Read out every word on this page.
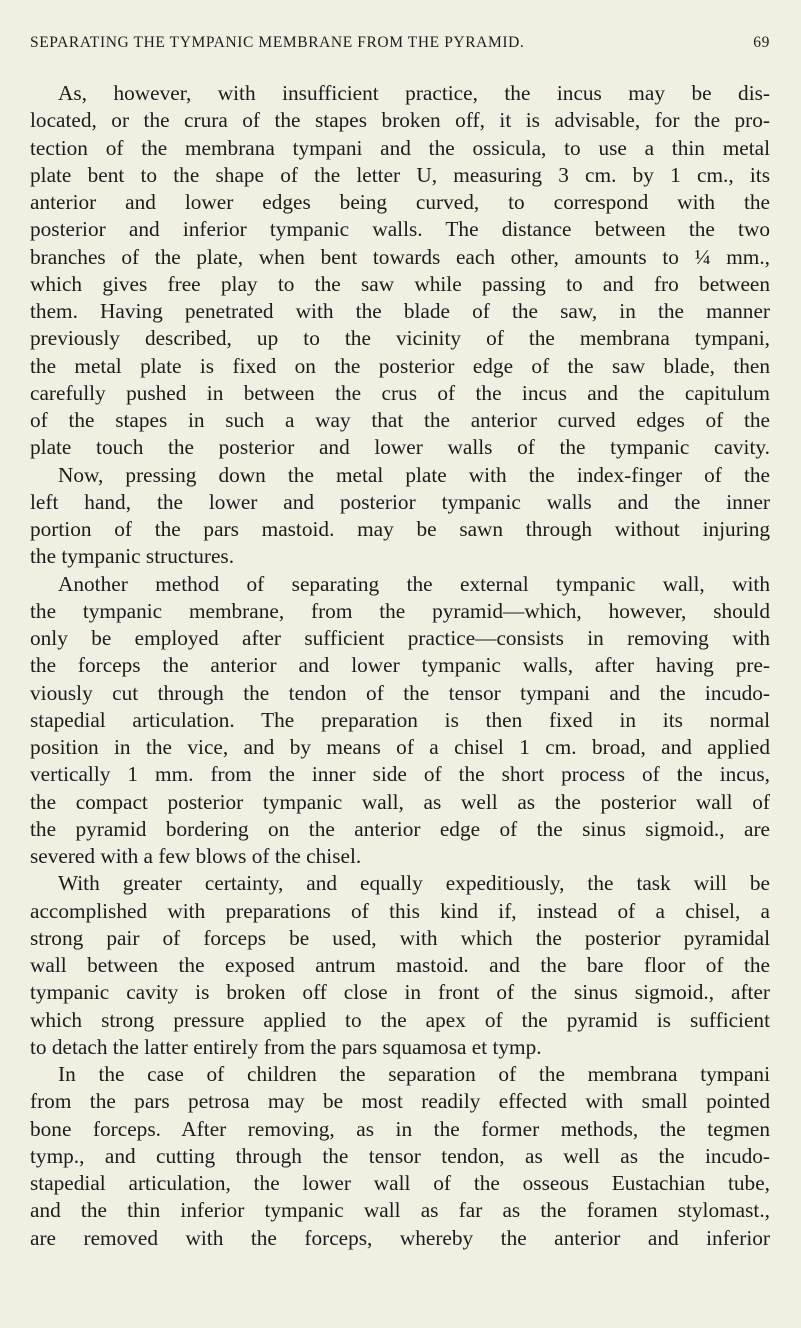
SEPARATING THE TYMPANIC MEMBRANE FROM THE PYRAMID.	69
As, however, with insufficient practice, the incus may be dis-
located, or the crura of the stapes broken off, it is advisable, for the pro-
tection of the membrana tympani and the ossicula, to use a thin metal
plate bent to the shape of the letter U, measuring 3 cm. by 1 cm., its
anterior and lower edges being curved, to correspond with the
posterior and inferior tympanic walls. The distance between the two
branches of the plate, when bent towards each other, amounts to ¼ mm.,
which gives free play to the saw while passing to and fro between
them. Having penetrated with the blade of the saw, in the manner
previously described, up to the vicinity of the membrana tympani,
the metal plate is fixed on the posterior edge of the saw blade, then
carefully pushed in between the crus of the incus and the capitulum
of the stapes in such a way that the anterior curved edges of the
plate touch the posterior and lower walls of the tympanic cavity.
Now, pressing down the metal plate with the index-finger of the
left hand, the lower and posterior tympanic walls and the inner
portion of the pars mastoid. may be sawn through without injuring
the tympanic structures.
Another method of separating the external tympanic wall, with
the tympanic membrane, from the pyramid—which, however, should
only be employed after sufficient practice—consists in removing with
the forceps the anterior and lower tympanic walls, after having pre-
viously cut through the tendon of the tensor tympani and the incudo-
stapedial articulation. The preparation is then fixed in its normal
position in the vice, and by means of a chisel 1 cm. broad, and applied
vertically 1 mm. from the inner side of the short process of the incus,
the compact posterior tympanic wall, as well as the posterior wall of
the pyramid bordering on the anterior edge of the sinus sigmoid., are
severed with a few blows of the chisel.
With greater certainty, and equally expeditiously, the task will be
accomplished with preparations of this kind if, instead of a chisel, a
strong pair of forceps be used, with which the posterior pyramidal
wall between the exposed antrum mastoid. and the bare floor of the
tympanic cavity is broken off close in front of the sinus sigmoid., after
which strong pressure applied to the apex of the pyramid is sufficient
to detach the latter entirely from the pars squamosa et tymp.
In the case of children the separation of the membrana tympani
from the pars petrosa may be most readily effected with small pointed
bone forceps. After removing, as in the former methods, the tegmen
tymp., and cutting through the tensor tendon, as well as the incudo-
stapedial articulation, the lower wall of the osseous Eustachian tube,
and the thin inferior tympanic wall as far as the foramen stylomast.,
are removed with the forceps, whereby the anterior and inferior
